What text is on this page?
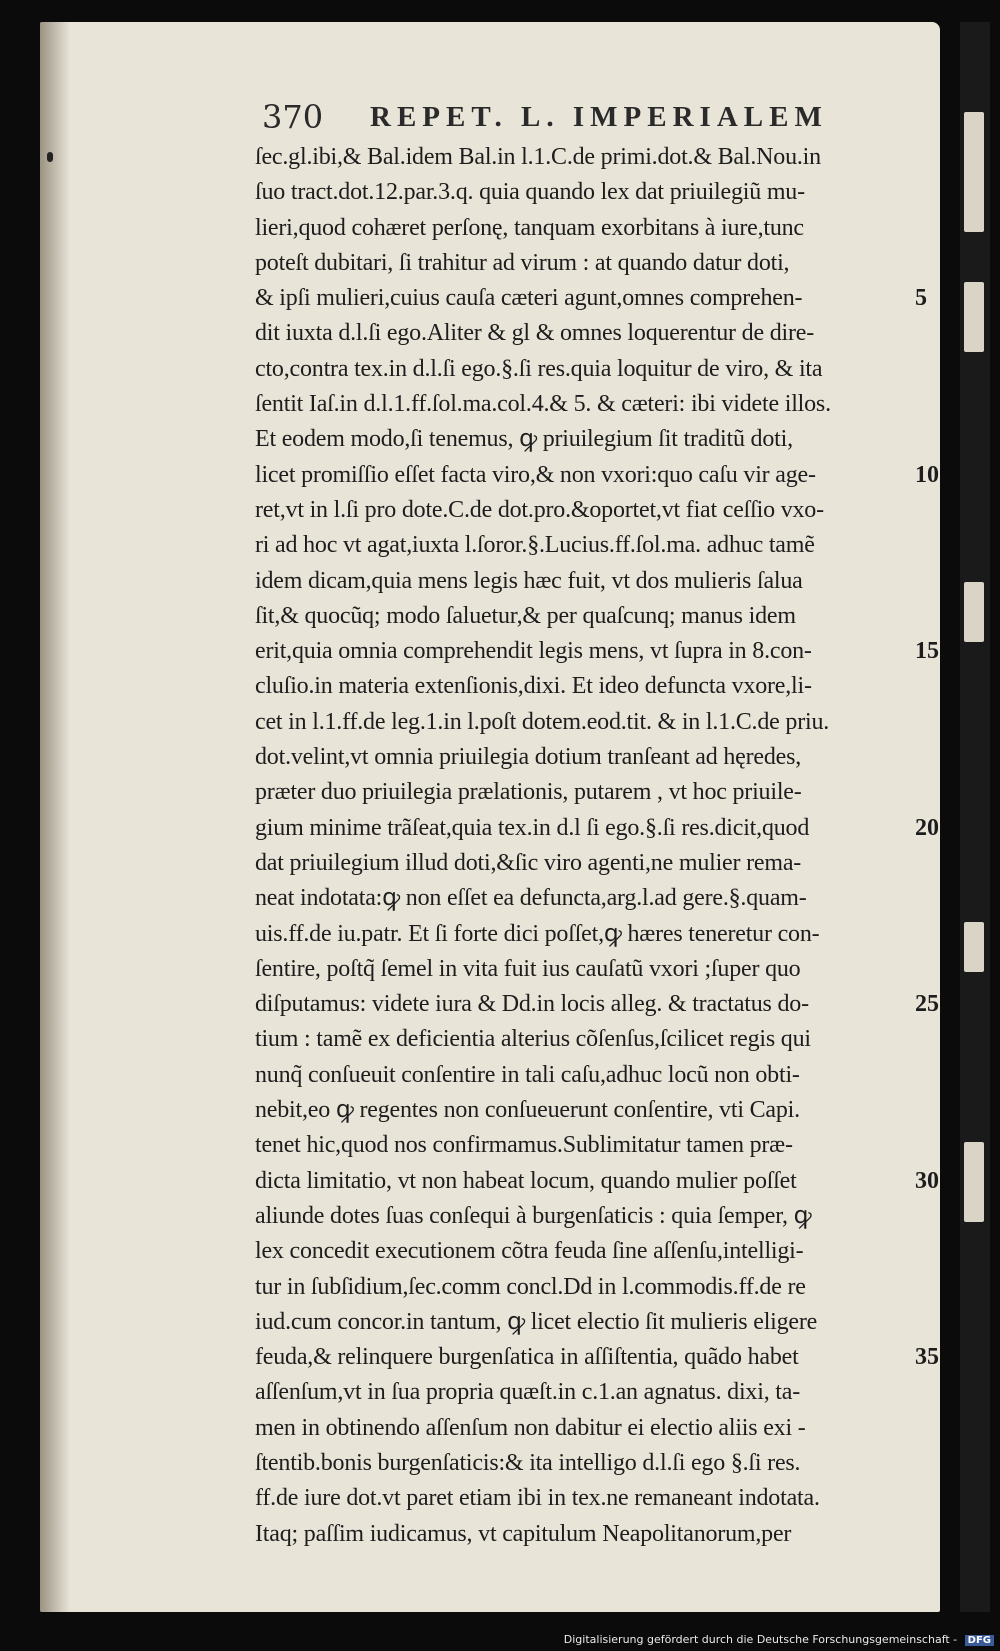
370 REPET. L. IMPERIALEM
ſec.gl.ibi,& Bal.idem Bal.in l.1.C.de primi.dot.& Bal.Nou.in
ſuo tract.dot.12.par.3.q. quia quando lex dat priuilegiũ mu-
lieri,quod cohæret perſonę, tanquam exorbitans à iure,tunc
poteſt dubitari, ſi trahitur ad virum : at quando datur doti,
& ipſi mulieri,cuius cauſa cæteri agunt,omnes comprehen-
dit iuxta d.l.ſi ego.Aliter & gl & omnes loquerentur de dire-
cto,contra tex.in d.l.ſi ego.§.ſi res.quia loquitur de viro, & ita
ſentit Iaſ.in d.l.1.ff.ſol.ma.col.4.& 5. & cæteri: ibi videte illos.
Et eodem modo,ſi tenemus, ꝙ priuilegium ſit traditũ doti,
licet promiſſio eſſet facta viro,& non vxori:quo caſu vir age-
ret,vt in l.ſi pro dote.C.de dot.pro.&oportet,vt fiat ceſſio vxo-
ri ad hoc vt agat,iuxta l.ſoror.§.Lucius.ff.ſol.ma. adhuc tamẽ
idem dicam,quia mens legis hæc fuit, vt dos mulieris ſalua
ſit,& quocũq; modo ſaluetur,& per quaſcunq; manus idem
erit,quia omnia comprehendit legis mens, vt ſupra in 8.con-
cluſio.in materia extenſionis,dixi. Et ideo defuncta vxore,li-
cet in l.1.ff.de leg.1.in l.poſt dotem.eod.tit. & in l.1.C.de priu.
dot.velint,vt omnia priuilegia dotium tranſeant ad hęredes,
præter duo priuilegia prælationis, putarem , vt hoc priuile-
gium minime trãſeat,quia tex.in d.l ſi ego.§.ſi res.dicit,quod
dat priuilegium illud doti,&ſic viro agenti,ne mulier rema-
neat indotata:ꝙ non eſſet ea defuncta,arg.l.ad gere.§.quam-
uis.ff.de iu.patr. Et ſi forte dici poſſet,ꝙ hæres teneretur con-
ſentire, poſtq̃ ſemel in vita fuit ius cauſatũ vxori ;ſuper quo
diſputamus: videte iura & Dd.in locis alleg. & tractatus do-
tium : tamẽ ex deficientia alterius cõſenſus,ſcilicet regis qui
nunq̃ conſueuit conſentire in tali caſu,adhuc locũ non obti-
nebit,eo ꝙ regentes non conſueuerunt conſentire, vti Capi.
tenet hic,quod nos confirmamus.Sublimitatur tamen præ-
dicta limitatio, vt non habeat locum, quando mulier poſſet
aliunde dotes ſuas conſequi à burgenſaticis : quia ſemper, ꝙ
lex concedit executionem cõtra feuda ſine aſſenſu,intelligi-
tur in ſubſidium,ſec.comm concl.Dd in l.commodis.ff.de re
iud.cum concor.in tantum, ꝙ licet electio ſit mulieris eligere
feuda,& relinquere burgenſatica in aſſiſtentia, quãdo habet
aſſenſum,vt in ſua propria quæſt.in c.1.an agnatus. dixi, ta-
men in obtinendo aſſenſum non dabitur ei electio aliis exi -
ſtentib.bonis burgenſaticis:& ita intelligo d.l.ſi ego §.ſi res.
ff.de iure dot.vt paret etiam ibi in tex.ne remaneant indotata.
Itaq; paſſim iudicamus, vt capitulum Neapolitanorum,per
5
10
15
20
25
30
35
Digitalisierung gefördert durch die Deutsche Forschungsgemeinschaft - DFG
